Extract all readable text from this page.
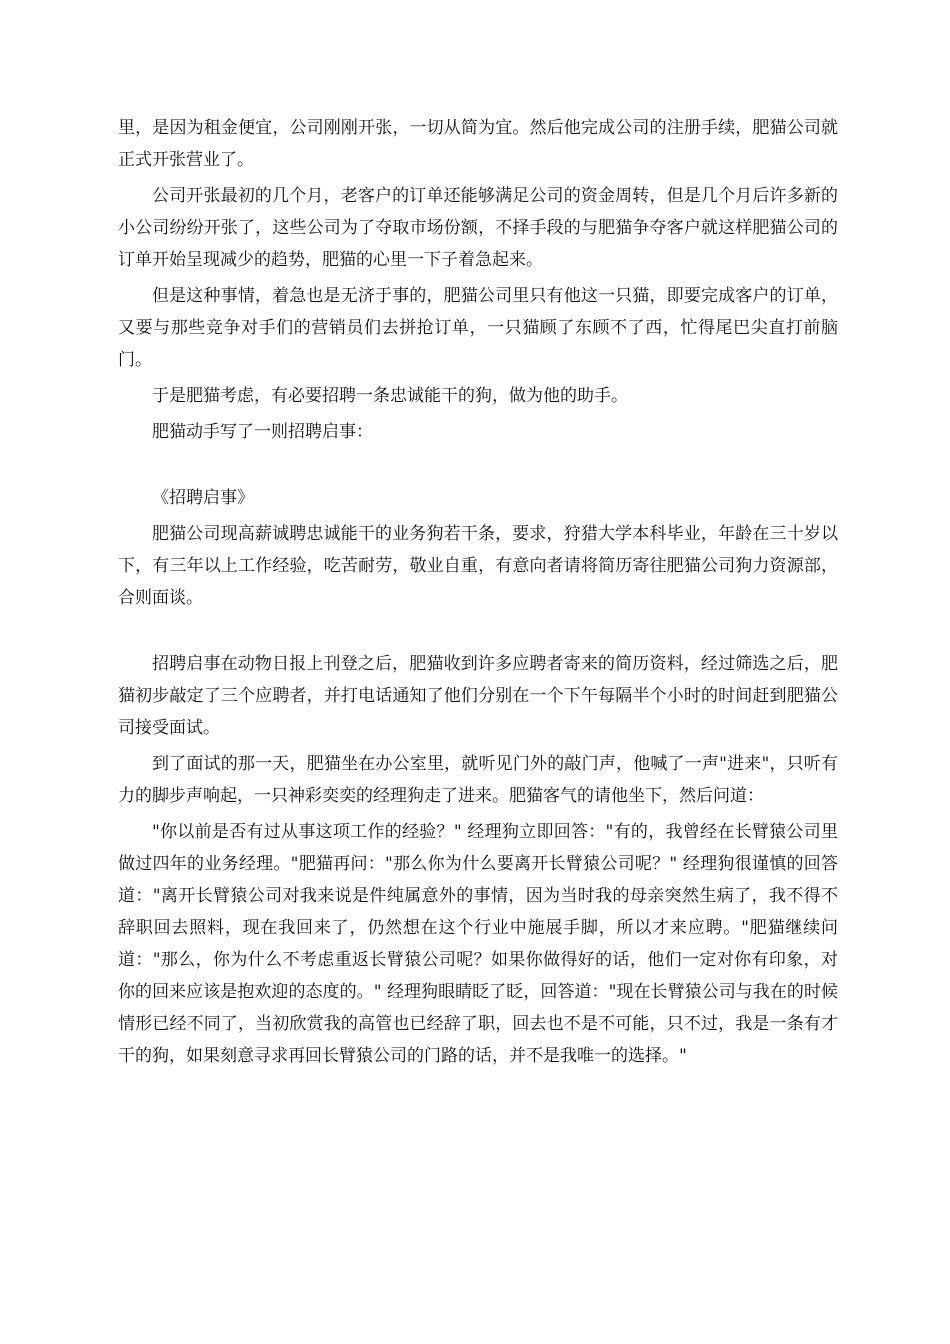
里，是因为租金便宜，公司刚刚开张，一切从简为宜。然后他完成公司的注册手续，肥猫公司就正式开张营业了。

公司开张最初的几个月，老客户的订单还能够满足公司的资金周转，但是几个月后许多新的小公司纷纷开张了，这些公司为了夺取市场份额，不择手段的与肥猫争夺客户就这样肥猫公司的订单开始呈现减少的趋势，肥猫的心里一下子着急起来。

但是这种事情，着急也是无济于事的，肥猫公司里只有他这一只猫，即要完成客户的订单，又要与那些竞争对手们的营销员们去拼抢订单，一只猫顾了东顾不了西，忙得尾巴尖直打前脑门。

于是肥猫考虑，有必要招聘一条忠诚能干的狗，做为他的助手。

肥猫动手写了一则招聘启事：

《招聘启事》

肥猫公司现高薪诚聘忠诚能干的业务狗若干条，要求，狩猎大学本科毕业，年龄在三十岁以下，有三年以上工作经验，吃苦耐劳，敬业自重，有意向者请将简历寄往肥猫公司狗力资源部，合则面谈。

招聘启事在动物日报上刊登之后，肥猫收到许多应聘者寄来的简历资料，经过筛选之后，肥猫初步敲定了三个应聘者，并打电话通知了他们分别在一个下午每隔半个小时的时间赶到肥猫公司接受面试。

到了面试的那一天，肥猫坐在办公室里，就听见门外的敲门声，他喊了一声"进来"，只听有力的脚步声响起，一只神彩奕奕的经理狗走了进来。肥猫客气的请他坐下，然后问道：

"你以前是否有过从事这项工作的经验？" 经理狗立即回答："有的，我曾经在长臂猿公司里做过四年的业务经理。"肥猫再问："那么你为什么要离开长臂猿公司呢？" 经理狗很谨慎的回答道："离开长臂猿公司对我来说是件纯属意外的事情，因为当时我的母亲突然生病了，我不得不辞职回去照料，现在我回来了，仍然想在这个行业中施展手脚，所以才来应聘。"肥猫继续问道："那么，你为什么不考虑重返长臂猿公司呢？如果你做得好的话，他们一定对你有印象，对你的回来应该是抱欢迎的态度的。" 经理狗眼睛眨了眨，回答道："现在长臂猿公司与我在的时候情形已经不同了，当初欣赏我的高管也已经辞了职，回去也不是不可能，只不过，我是一条有才干的狗，如果刻意寻求再回长臂猿公司的门路的话，并不是我唯一的选择。"
